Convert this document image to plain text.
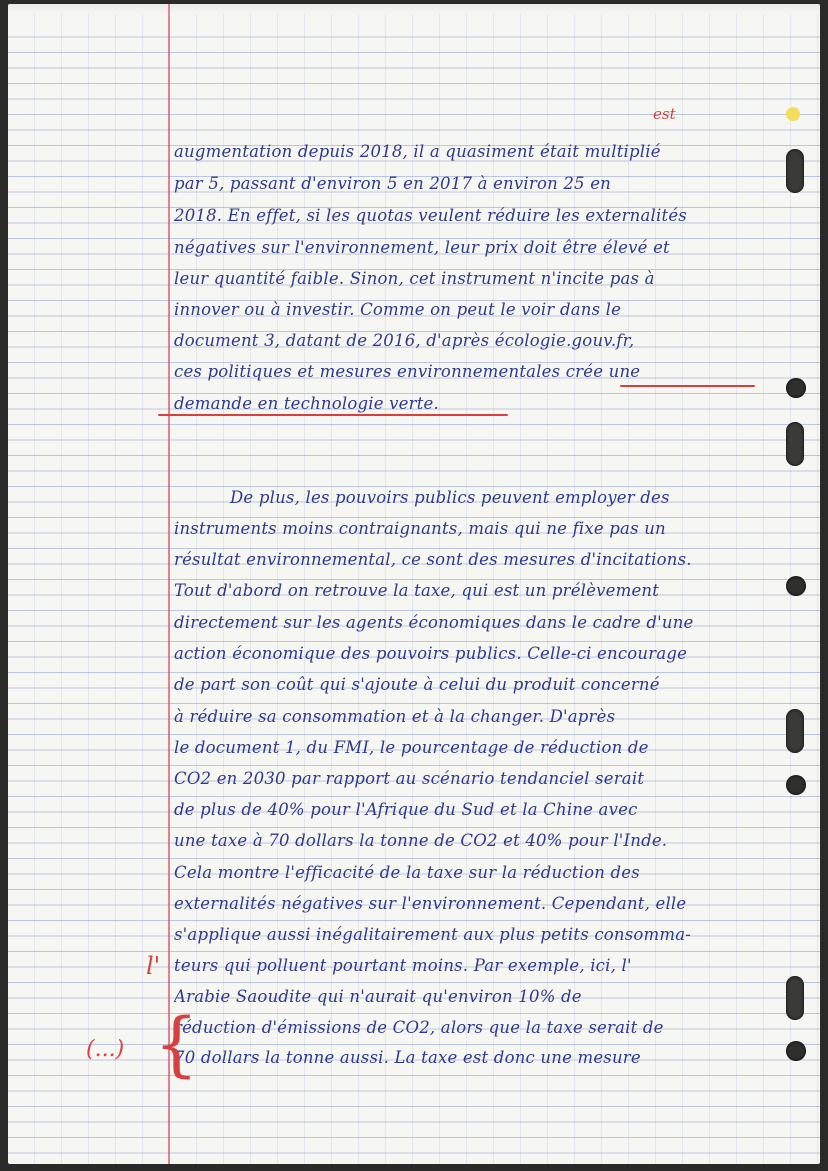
est
augmentation depuis 2018, il a quasiment était multiplié
par 5, passant d'environ 5 en 2017 à environ 25 en
2018. En effet, si les quotas veulent réduire les externalités
négatives sur l'environnement, leur prix doit être élevé et
leur quantité faible. Sinon, cet instrument n'incite pas à
innover ou à investir. Comme on peut le voir dans le
document 3, datant de 2016, d'après écologie.gouv.fr,
ces politiques et mesures environnementales crée une
demande en technologie verte.
De plus, les pouvoirs publics peuvent employer des
instruments moins contraignants, mais qui ne fixe pas un
résultat environnemental, ce sont des mesures d'incitations.
Tout d'abord on retrouve la taxe, qui est un prélèvement
directement sur les agents économiques dans le cadre d'une
action économique des pouvoirs publics. Celle-ci encourage
de part son coût qui s'ajoute à celui du produit concerné
à réduire sa consommation et à la changer. D'après
le document 1, du FMI, le pourcentage de réduction de
CO2 en 2030 par rapport au scénario tendanciel serait
de plus de 40% pour l'Afrique du Sud et la Chine avec
une taxe à 70 dollars la tonne de CO2 et 40% pour l'Inde.
Cela montre l'efficacité de la taxe sur la réduction des
externalités négatives sur l'environnement. Cependant, elle
s'applique aussi inégalitairement aux plus petits consomma-
teurs qui polluent pourtant moins. Par exemple, ici, l'
Arabie Saoudite qui n'aurait qu'environ 10% de
réduction d'émissions de CO2, alors que la taxe serait de
70 dollars la tonne aussi. La taxe est donc une mesure
l'
(...) {
